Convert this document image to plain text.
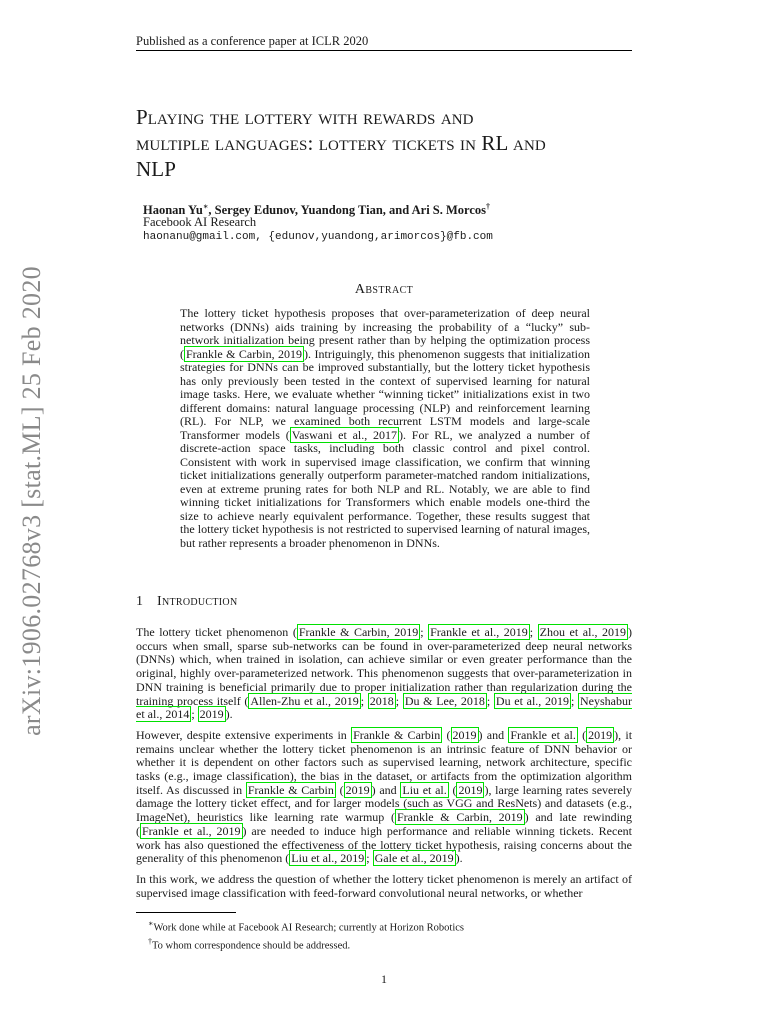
Published as a conference paper at ICLR 2020
Playing the lottery with rewards and
multiple languages: lottery tickets in RL and
NLP
Haonan Yu∗, Sergey Edunov, Yuandong Tian, and Ari S. Morcos†
Facebook AI Research
haonanu@gmail.com, {edunov,yuandong,arimorcos}@fb.com
arXiv:1906.02768v3 [stat.ML] 25 Feb 2020	Abstract
The lottery ticket hypothesis proposes that over-parameterization of deep neural networks (DNNs) aids training by increasing the probability of a “lucky” sub-network initialization being present rather than by helping the optimization process ( Frankle & Carbin, 2019 ). Intriguingly, this phenomenon suggests that initialization strategies for DNNs can be improved substantially, but the lottery ticket hypothesis has only previously been tested in the context of supervised learning for natural image tasks. Here, we evaluate whether “winning ticket” initializations exist in two different domains: natural language processing (NLP) and reinforcement learning (RL). For NLP, we examined both recurrent LSTM models and large-scale Transformer models ( Vaswani et al., 2017 ). For RL, we analyzed a number of discrete-action space tasks, including both classic control and pixel control. Consistent with work in supervised image classification, we confirm that winning ticket initializations generally outperform parameter-matched random initializations, even at extreme pruning rates for both NLP and RL. Notably, we are able to find winning ticket initializations for Transformers which enable models one-third the size to achieve nearly equivalent performance. Together, these results suggest that the lottery ticket hypothesis is not restricted to supervised learning of natural images, but rather represents a broader phenomenon in DNNs.
1 Introduction

The lottery ticket phenomenon ( Frankle & Carbin, 2019 ; Frankle et al., 2019 ; Zhou et al., 2019 ) occurs when small, sparse sub-networks can be found in over-parameterized deep neural networks (DNNs) which, when trained in isolation, can achieve similar or even greater performance than the original, highly over-parameterized network. This phenomenon suggests that over-parameterization in DNN training is beneficial primarily due to proper initialization rather than regularization during the training process itself ( Allen-Zhu et al., 2019 ; 2018 ; Du & Lee, 2018 ; Du et al., 2019 ; Neyshabur et al., 2014 ; 2019 ).

However, despite extensive experiments in Frankle & Carbin ( 2019 ) and Frankle et al. ( 2019 ), it remains unclear whether the lottery ticket phenomenon is an intrinsic feature of DNN behavior or whether it is dependent on other factors such as supervised learning, network architecture, specific tasks (e.g., image classification), the bias in the dataset, or artifacts from the optimization algorithm itself. As discussed in Frankle & Carbin ( 2019 ) and Liu et al. ( 2019 ), large learning rates severely damage the lottery ticket effect, and for larger models (such as VGG and ResNets) and datasets (e.g., ImageNet), heuristics like learning rate warmup ( Frankle & Carbin, 2019 ) and late rewinding ( Frankle et al., 2019 ) are needed to induce high performance and reliable winning tickets. Recent work has also questioned the effectiveness of the lottery ticket hypothesis, raising concerns about the generality of this phenomenon ( Liu et al., 2019 ; Gale et al., 2019 ).

In this work, we address the question of whether the lottery ticket phenomenon is merely an artifact of supervised image classification with feed-forward convolutional neural networks, or whether

∗Work done while at Facebook AI Research; currently at Horizon Robotics
†To whom correspondence should be addressed.
1
